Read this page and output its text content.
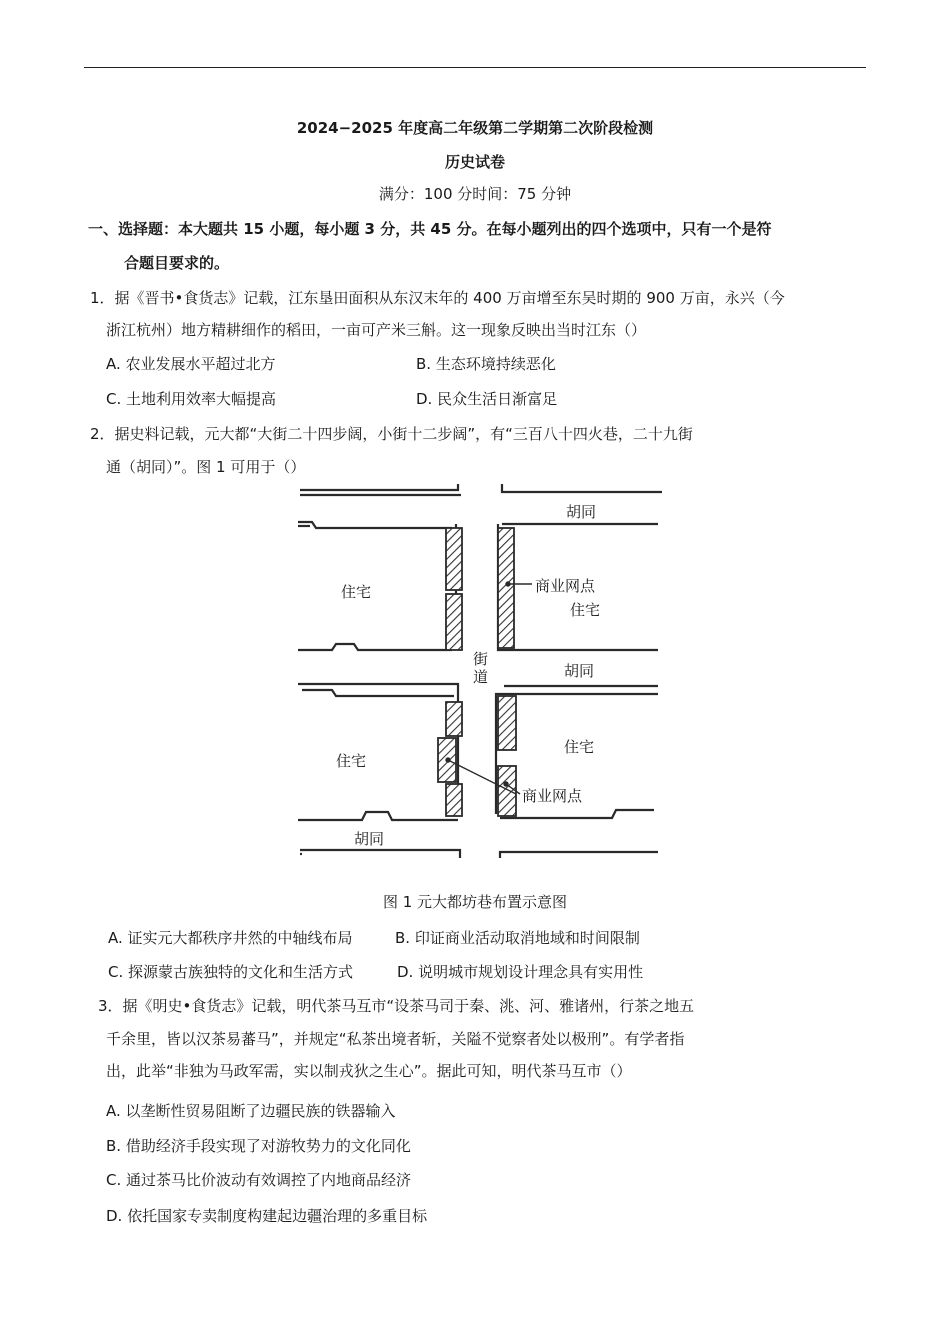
2024−2025 年度高二年级第二学期第二次阶段检测
历史试卷
满分：100 分时间：75 分钟
一、选择题：本大题共 15 小题，每小题 3 分，共 45 分。在每小题列出的四个选项中，只有一个是符
合题目要求的。
1．据《晋书•食货志》记载，江东垦田面积从东汉末年的 400 万亩增至东吴时期的 900 万亩，永兴（今
浙江杭州）地方精耕细作的稻田，一亩可产米三斛。这一现象反映出当时江东（）
A. 农业发展水平超过北方	B. 生态环境持续恶化
C. 土地利用效率大幅提高	D. 民众生活日渐富足
2．据史料记载，元大都“大街二十四步阔，小街十二步阔”，有“三百八十四火巷，二十九街
通（胡同）”。图 1 可用于（）
胡同
住宅	商业网点
住宅
街
道	胡同
住宅
住宅
商业网点
胡同
图 1 元大都坊巷布置示意图
A. 证实元大都秩序井然的中轴线布局	B. 印证商业活动取消地域和时间限制
C. 探源蒙古族独特的文化和生活方式	D. 说明城市规划设计理念具有实用性
3．据《明史•食货志》记载，明代茶马互市“设茶马司于秦、洮、河、雅诸州，行茶之地五
千余里，皆以汉茶易蕃马”，并规定“私茶出境者斩，关隘不觉察者处以极刑”。有学者指
出，此举“非独为马政军需，实以制戎狄之生心”。据此可知，明代茶马互市（）
A. 以垄断性贸易阻断了边疆民族的铁器输入
B. 借助经济手段实现了对游牧势力的文化同化
C. 通过茶马比价波动有效调控了内地商品经济
D. 依托国家专卖制度构建起边疆治理的多重目标
